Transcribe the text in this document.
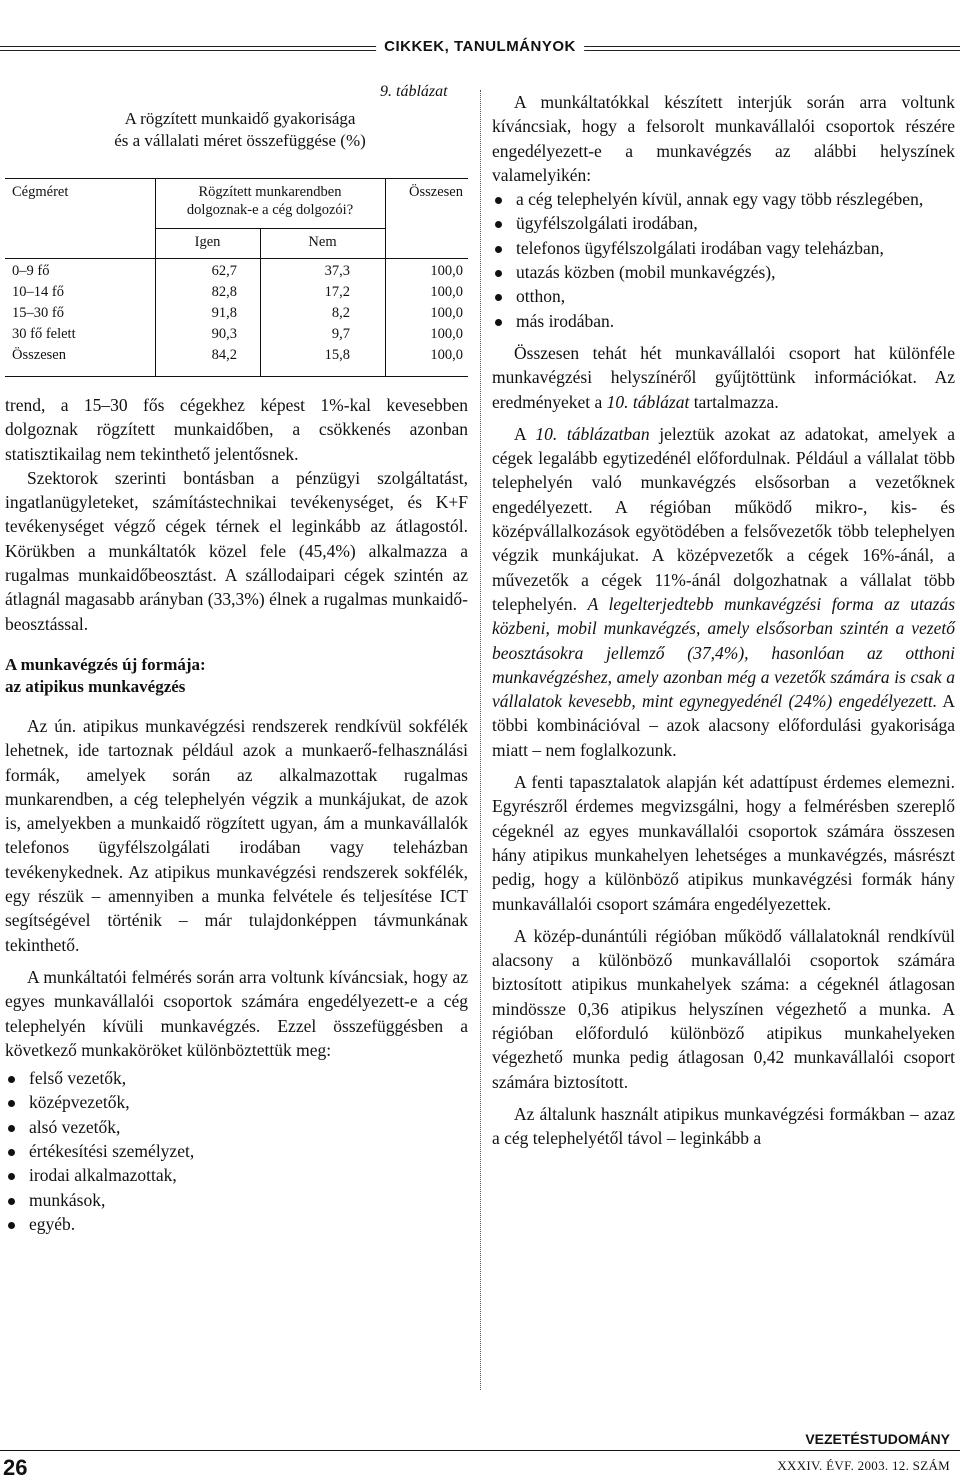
CIKKEK, TANULMÁNYOK
9. táblázat
A rögzített munkaidő gyakorisága
és a vállalati méret összefüggése (%)
Cégméret	Rögzített munkarendben
dolgoznak-e a cég dolgozói?
Összesen
Igen	Nem
0–9 fő	62,7	37,3	100,0
10–14 fő	82,8	17,2	100,0
15–30 fő	91,8	8,2	100,0
30 fő felett	90,3	9,7	100,0
Összesen	84,2	15,8	100,0

trend, a 15–30 fős cégekhez képest 1%-kal kevesebben dolgoznak rögzített munkaidőben, a csökkenés azonban statisztikailag nem tekinthető jelentősnek.

Szektorok szerinti bontásban a pénzügyi szolgáltatást, ingatlanügyleteket, számítástechnikai tevékenységet, és K+F tevékenységet végző cégek térnek el leginkább az átlagostól. Körükben a munkáltatók közel fele (45,4%) alkalmazza a rugalmas munkaidőbeosztást. A szállodaipari cégek szintén az átlagnál magasabb arányban (33,3%) élnek a rugalmas munkaidő-beosztással.

A munkavégzés új formája:
az atipikus munkavégzés

Az ún. atipikus munkavégzési rendszerek rendkívül sokfélék lehetnek, ide tartoznak például azok a munkaerő-felhasználási formák, amelyek során az alkalmazottak rugalmas munkarendben, a cég telephelyén végzik a munkájukat, de azok is, amelyekben a munkaidő rögzített ugyan, ám a munkavállalók telefonos ügyfélszolgálati irodában vagy teleházban tevékenykednek. Az atipikus munkavégzési rendszerek sokfélék, egy részük – amennyiben a munka felvétele és teljesítése ICT segítségével történik – már tulajdonképpen távmunkának tekinthető.

A munkáltatói felmérés során arra voltunk kíváncsiak, hogy az egyes munkavállalói csoportok számára engedélyezett-e a cég telephelyén kívüli munkavégzés. Ezzel összefüggésben a következő munkaköröket különböztettük meg:

felső vezetők,
középvezetők,
alsó vezetők,
értékesítési személyzet,
irodai alkalmazottak,
munkások,
egyéb.

A munkáltatókkal készített interjúk során arra voltunk kíváncsiak, hogy a felsorolt munkavállalói csoportok részére engedélyezett-e a munkavégzés az alábbi helyszínek valamelyikén:

a cég telephelyén kívül, annak egy vagy több részlegében,
ügyfélszolgálati irodában,
telefonos ügyfélszolgálati irodában vagy teleházban,
utazás közben (mobil munkavégzés),
otthon,
más irodában.

Összesen tehát hét munkavállalói csoport hat különféle munkavégzési helyszínéről gyűjtöttünk információkat. Az eredményeket a 10. táblázat tartalmazza.

A 10. táblázatban jeleztük azokat az adatokat, amelyek a cégek legalább egytizedénél előfordulnak. Például a vállalat több telephelyén való munkavégzés elsősorban a vezetőknek engedélyezett. A régióban működő mikro-, kis- és középvállalkozások egyötödében a felsővezetők több telephelyen végzik munkájukat. A középvezetők a cégek 16%-ánál, a művezetők a cégek 11%-ánál dolgozhatnak a vállalat több telephelyén. A legelterjedtebb munkavégzési forma az utazás közbeni, mobil munkavégzés, amely elsősorban szintén a vezető beosztásokra jellemző (37,4%), hasonlóan az otthoni munkavégzéshez, amely azonban még a vezetők számára is csak a vállalatok kevesebb, mint egynegyedénél (24%) engedélyezett. A többi kombinációval – azok alacsony előfordulási gyakorisága miatt – nem foglalkozunk.

A fenti tapasztalatok alapján két adattípust érdemes elemezni. Egyrészről érdemes megvizsgálni, hogy a felmérésben szereplő cégeknél az egyes munkavállalói csoportok számára összesen hány atipikus munkahelyen lehetséges a munkavégzés, másrészt pedig, hogy a különböző atipikus munkavégzési formák hány munkavállalói csoport számára engedélyezettek.

A közép-dunántúli régióban működő vállalatoknál rendkívül alacsony a különböző munkavállalói csoportok számára biztosított atipikus munkahelyek száma: a cégeknél átlagosan mindössze 0,36 atipikus helyszínen végezhető a munka. A régióban előforduló különböző atipikus munkahelyeken végezhető munka pedig átlagosan 0,42 munkavállalói csoport számára biztosított.

Az általunk használt atipikus munkavégzési formákban – azaz a cég telephelyétől távol – leginkább a

VEZETÉSTUDOMÁNY
26	XXXIV. ÉVF. 2003. 12. SZÁM
